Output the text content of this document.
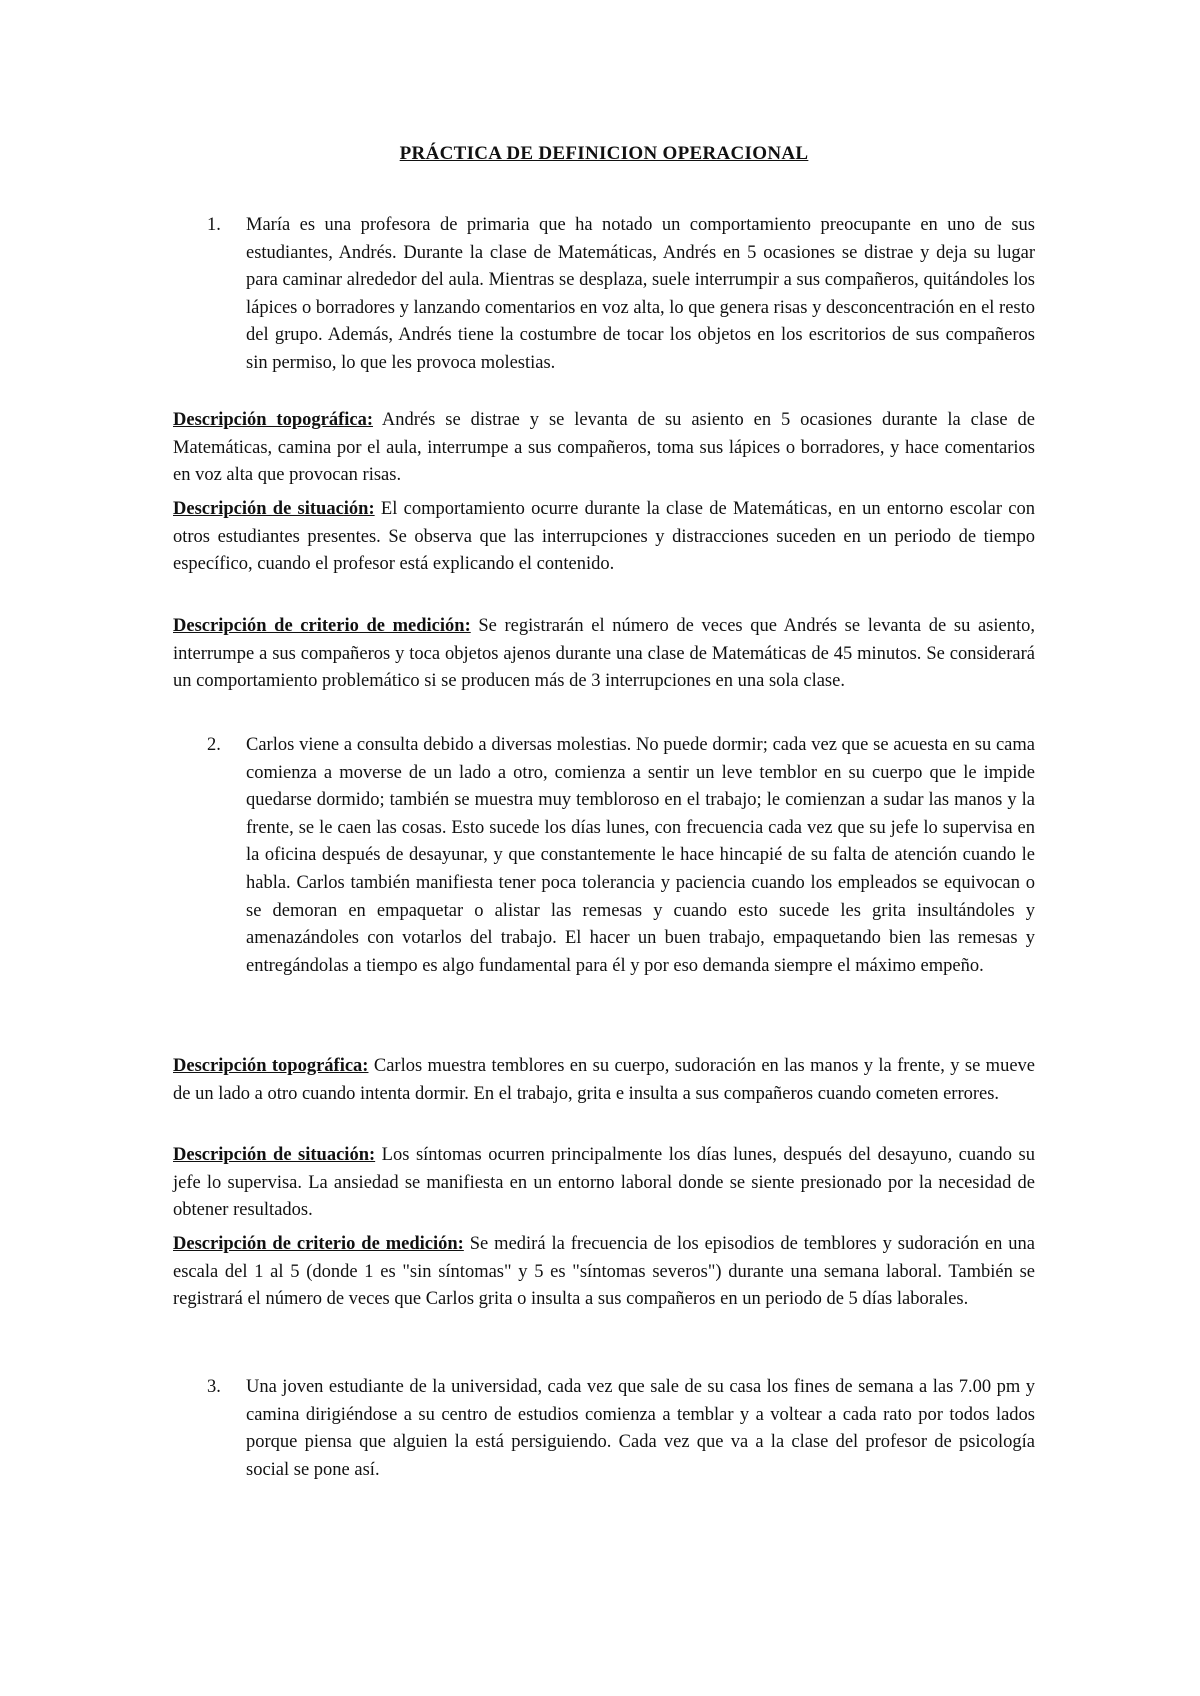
PRÁCTICA DE DEFINICION OPERACIONAL
1. María es una profesora de primaria que ha notado un comportamiento preocupante en uno de sus estudiantes, Andrés. Durante la clase de Matemáticas, Andrés en 5 ocasiones se distrae y deja su lugar para caminar alrededor del aula. Mientras se desplaza, suele interrumpir a sus compañeros, quitándoles los lápices o borradores y lanzando comentarios en voz alta, lo que genera risas y desconcentración en el resto del grupo. Además, Andrés tiene la costumbre de tocar los objetos en los escritorios de sus compañeros sin permiso, lo que les provoca molestias.

Descripción topográfica: Andrés se distrae y se levanta de su asiento en 5 ocasiones durante la clase de Matemáticas, camina por el aula, interrumpe a sus compañeros, toma sus lápices o borradores, y hace comentarios en voz alta que provocan risas.

Descripción de situación: El comportamiento ocurre durante la clase de Matemáticas, en un entorno escolar con otros estudiantes presentes. Se observa que las interrupciones y distracciones suceden en un periodo de tiempo específico, cuando el profesor está explicando el contenido.

Descripción de criterio de medición: Se registrarán el número de veces que Andrés se levanta de su asiento, interrumpe a sus compañeros y toca objetos ajenos durante una clase de Matemáticas de 45 minutos. Se considerará un comportamiento problemático si se producen más de 3 interrupciones en una sola clase.

2. Carlos viene a consulta debido a diversas molestias. No puede dormir; cada vez que se acuesta en su cama comienza a moverse de un lado a otro, comienza a sentir un leve temblor en su cuerpo que le impide quedarse dormido; también se muestra muy tembloroso en el trabajo; le comienzan a sudar las manos y la frente, se le caen las cosas. Esto sucede los días lunes, con frecuencia cada vez que su jefe lo supervisa en la oficina después de desayunar, y que constantemente le hace hincapié de su falta de atención cuando le habla. Carlos también manifiesta tener poca tolerancia y paciencia cuando los empleados se equivocan o se demoran en empaquetar o alistar las remesas y cuando esto sucede les grita insultándoles y amenazándoles con votarlos del trabajo. El hacer un buen trabajo, empaquetando bien las remesas y entregándolas a tiempo es algo fundamental para él y por eso demanda siempre el máximo empeño.

Descripción topográfica: Carlos muestra temblores en su cuerpo, sudoración en las manos y la frente, y se mueve de un lado a otro cuando intenta dormir. En el trabajo, grita e insulta a sus compañeros cuando cometen errores.

Descripción de situación: Los síntomas ocurren principalmente los días lunes, después del desayuno, cuando su jefe lo supervisa. La ansiedad se manifiesta en un entorno laboral donde se siente presionado por la necesidad de obtener resultados.

Descripción de criterio de medición: Se medirá la frecuencia de los episodios de temblores y sudoración en una escala del 1 al 5 (donde 1 es "sin síntomas" y 5 es "síntomas severos") durante una semana laboral. También se registrará el número de veces que Carlos grita o insulta a sus compañeros en un periodo de 5 días laborales.

3. Una joven estudiante de la universidad, cada vez que sale de su casa los fines de semana a las 7.00 pm y camina dirigiéndose a su centro de estudios comienza a temblar y a voltear a cada rato por todos lados porque piensa que alguien la está persiguiendo. Cada vez que va a la clase del profesor de psicología social se pone así.
